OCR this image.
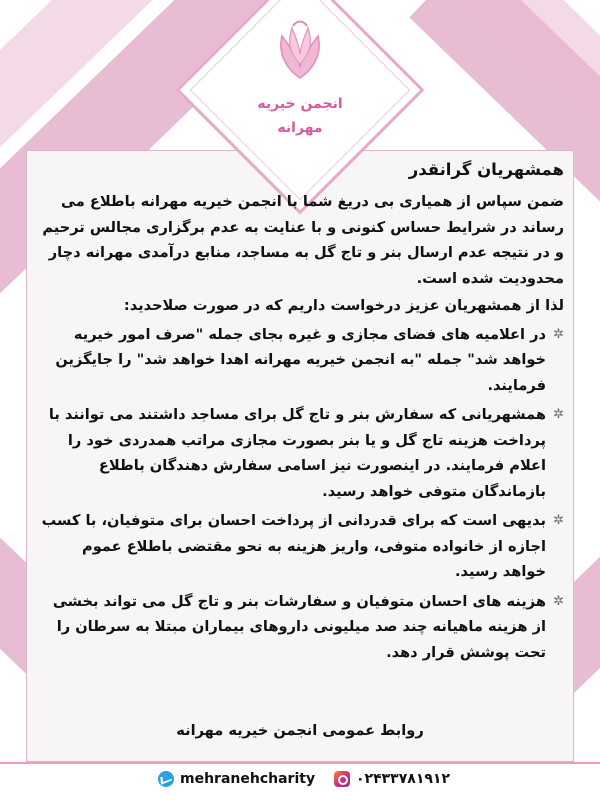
انجمن خیریه
مهرانه
همشهریان گرانقدر

ضمن سپاس از همیاری بی دریغ شما با انجمن خیریه مهرانه باطلاع می رساند در شرایط حساس کنونی و با عنایت به عدم برگزاری مجالس ترحیم و در نتیجه عدم ارسال بنر و تاج گل به مساجد، منابع درآمدی مهرانه دچار محدودیت شده است.

لذا از همشهریان عزیز درخواست داریم که در صورت صلاحدید:

✲
در اعلامیه های فضای مجازی و غیره بجای جمله "صرف امور خیریه خواهد شد" جمله "به انجمن خیریه مهرانه اهدا خواهد شد" را جایگزین فرمایند.
✲
همشهریانی که سفارش بنر و تاج گل برای مساجد داشتند می توانند با پرداخت هزینه تاج گل و یا بنر بصورت مجازی مراتب همدردی خود را اعلام فرمایند. در اینصورت نیز اسامی سفارش دهندگان باطلاع بازماندگان متوفی خواهد رسید.
✲
بدیهی است که برای قدردانی از پرداخت احسان برای متوفیان، با کسب اجازه از خانواده متوفی، واریز هزینه به نحو مقتضی باطلاع عموم خواهد رسید.
✲
هزینه های احسان متوفیان و سفارشات بنر و تاج گل می تواند بخشی از هزینه ماهیانه چند صد میلیونی داروهای بیماران مبتلا به سرطان را تحت پوشش قرار دهد.
روابط عمومی انجمن خیریه مهرانه
mehranehcharity	۰۲۴۳۳۷۸۱۹۱۲
